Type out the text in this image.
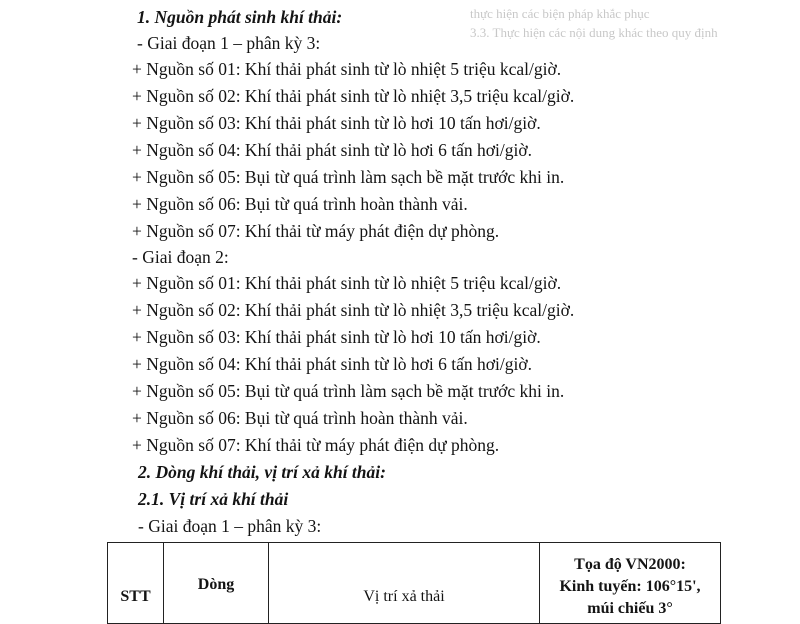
thực hiện các biện pháp khắc phục
3.3. Thực hiện các nội dung khác theo quy định
1. Nguồn phát sinh khí thải:
- Giai đoạn 1 – phân kỳ 3:
+ Nguồn số 01: Khí thải phát sinh từ lò nhiệt 5 triệu kcal/giờ.
+ Nguồn số 02: Khí thải phát sinh từ lò nhiệt 3,5 triệu kcal/giờ.
+ Nguồn số 03: Khí thải phát sinh từ lò hơi 10 tấn hơi/giờ.
+ Nguồn số 04: Khí thải phát sinh từ lò hơi 6 tấn hơi/giờ.
+ Nguồn số 05: Bụi từ quá trình làm sạch bề mặt trước khi in.
+ Nguồn số 06: Bụi từ quá trình hoàn thành vải.
+ Nguồn số 07: Khí thải từ máy phát điện dự phòng.
- Giai đoạn 2:
+ Nguồn số 01: Khí thải phát sinh từ lò nhiệt 5 triệu kcal/giờ.
+ Nguồn số 02: Khí thải phát sinh từ lò nhiệt 3,5 triệu kcal/giờ.
+ Nguồn số 03: Khí thải phát sinh từ lò hơi 10 tấn hơi/giờ.
+ Nguồn số 04: Khí thải phát sinh từ lò hơi 6 tấn hơi/giờ.
+ Nguồn số 05: Bụi từ quá trình làm sạch bề mặt trước khi in.
+ Nguồn số 06: Bụi từ quá trình hoàn thành vải.
+ Nguồn số 07: Khí thải từ máy phát điện dự phòng.
2. Dòng khí thải, vị trí xả khí thải:
2.1. Vị trí xả khí thải
- Giai đoạn 1 – phân kỳ 3:
STT

Dòng

Vị trí xả thải

Tọa độ VN2000:
Kinh tuyến: 106°15',
múi chiếu 3°
